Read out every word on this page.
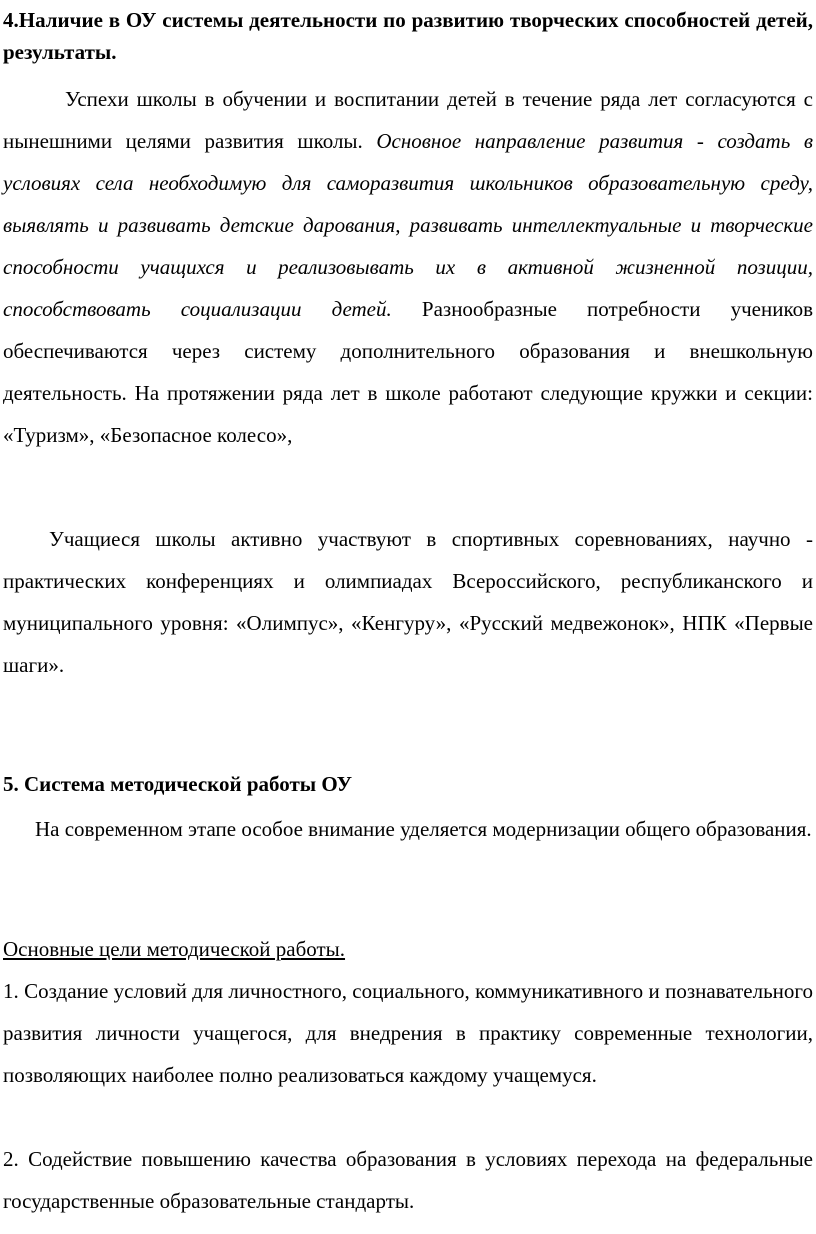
4.Наличие в ОУ системы деятельности по развитию творческих способностей детей, результаты.

Успехи школы в обучении и воспитании детей в течение ряда лет согласуются с нынешними целями развития школы. Основное направление развития - создать в условиях села необходимую для саморазвития школьников образовательную среду, выявлять и развивать детские дарования, развивать интеллектуальные и творческие способности учащихся и реализовывать их в активной жизненной позиции, способствовать социализации детей. Разнообразные потребности учеников обеспечиваются через систему дополнительного образования и внешкольную деятельность. На протяжении ряда лет в школе работают следующие кружки и секции: «Туризм», «Безопасное колесо»,

Учащиеся школы активно участвуют в спортивных соревнованиях, научно - практических конференциях и олимпиадах Всероссийского, республиканского и муниципального уровня: «Олимпус», «Кенгуру», «Русский медвежонок», НПК «Первые шаги».

5. Система методической работы ОУ

На современном этапе особое внимание уделяется модернизации общего образования.

Основные цели методической работы.

1. Создание условий для личностного, социального, коммуникативного и познавательного развития личности учащегося, для внедрения в практику современные технологии, позволяющих наиболее полно реализоваться каждому учащемуся.

2. Содействие повышению качества образования в условиях перехода на федеральные государственные образовательные стандарты.
